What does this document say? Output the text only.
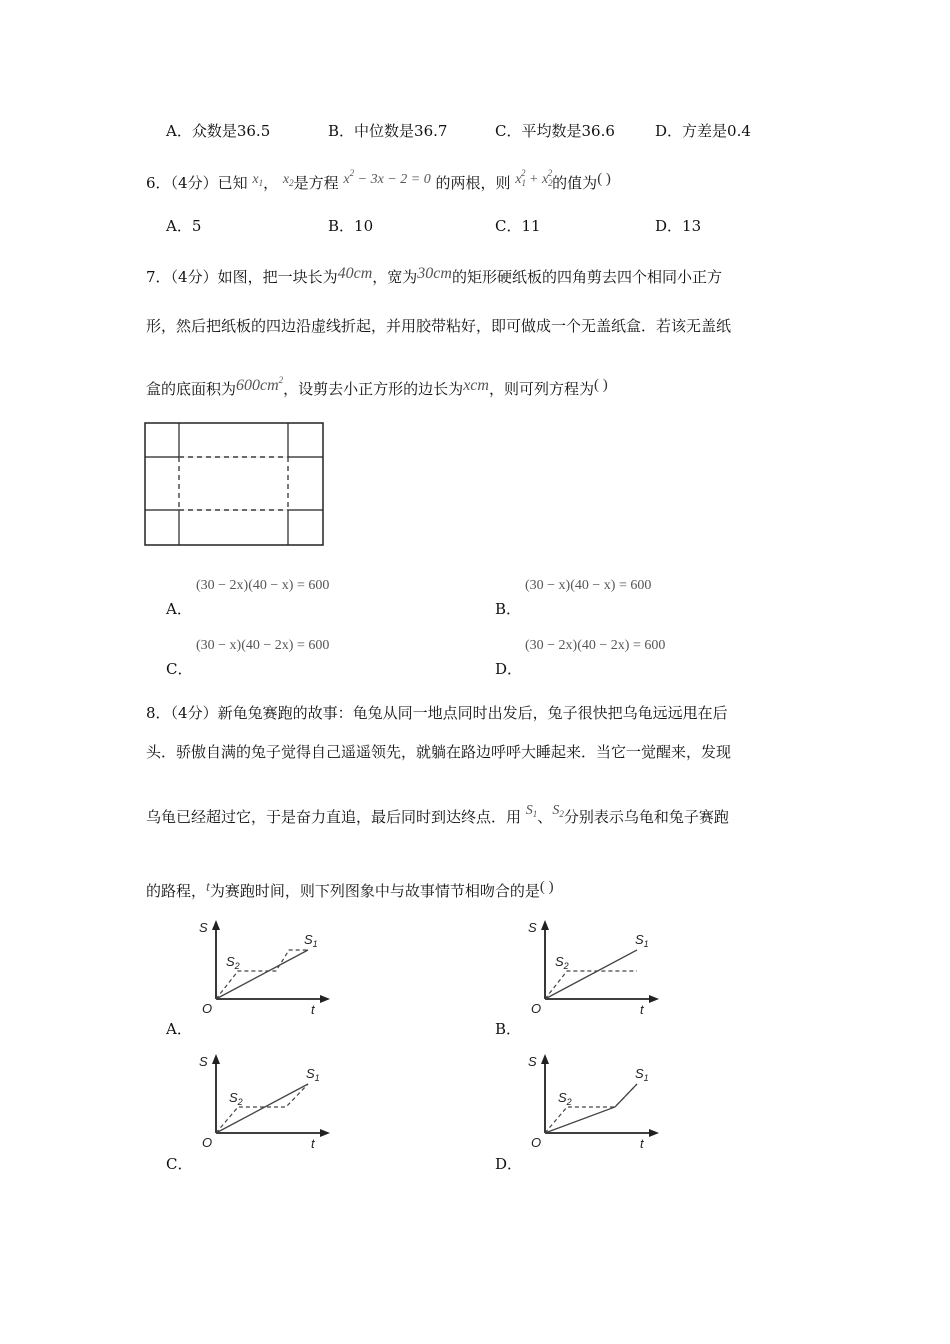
A．众数是36.5	B．中位数是36.7	C．平均数是36.6	D．方差是0.4
6．（4分）已知 $x_1$， $x_2$是方程 $x^2 - 3x - 2 = 0$ 的两根，则 $x_1^2 + x_2^2$的值为( )
A．5	B．10	C．11	D．13
7．（4分）如图，把一块长为40cm，宽为30cm的矩形硬纸板的四角剪去四个相同小正方
形，然后把纸板的四边沿虚线折起，并用胶带粘好，即可做成一个无盖纸盒．若该无盖纸
盒的底面积为$600cm^2$，设剪去小正方形的边长为xcm，则可列方程为( )
(30 − 2x)(40 − x) = 600
A．
(30 − x)(40 − x) = 600
B．
(30 − x)(40 − 2x) = 600
C．
(30 − 2x)(40 − 2x) = 600
D．
8．（4分）新龟兔赛跑的故事：龟兔从同一地点同时出发后，兔子很快把乌龟远远甩在后
头．骄傲自满的兔子觉得自己遥遥领先，就躺在路边呼呼大睡起来．当它一觉醒来，发现
乌龟已经超过它，于是奋力直追，最后同时到达终点．用 $S_1$、$S_2$分别表示乌龟和兔子赛跑
的路程，t为赛跑时间，则下列图象中与故事情节相吻合的是( )
S
t
O
$S_1$
$S_2$
A．
S
t
O
$S_1$
$S_2$
B．
S
t
O
$S_1$
$S_2$
C．
S
t
O
$S_1$
$S_2$
D．
